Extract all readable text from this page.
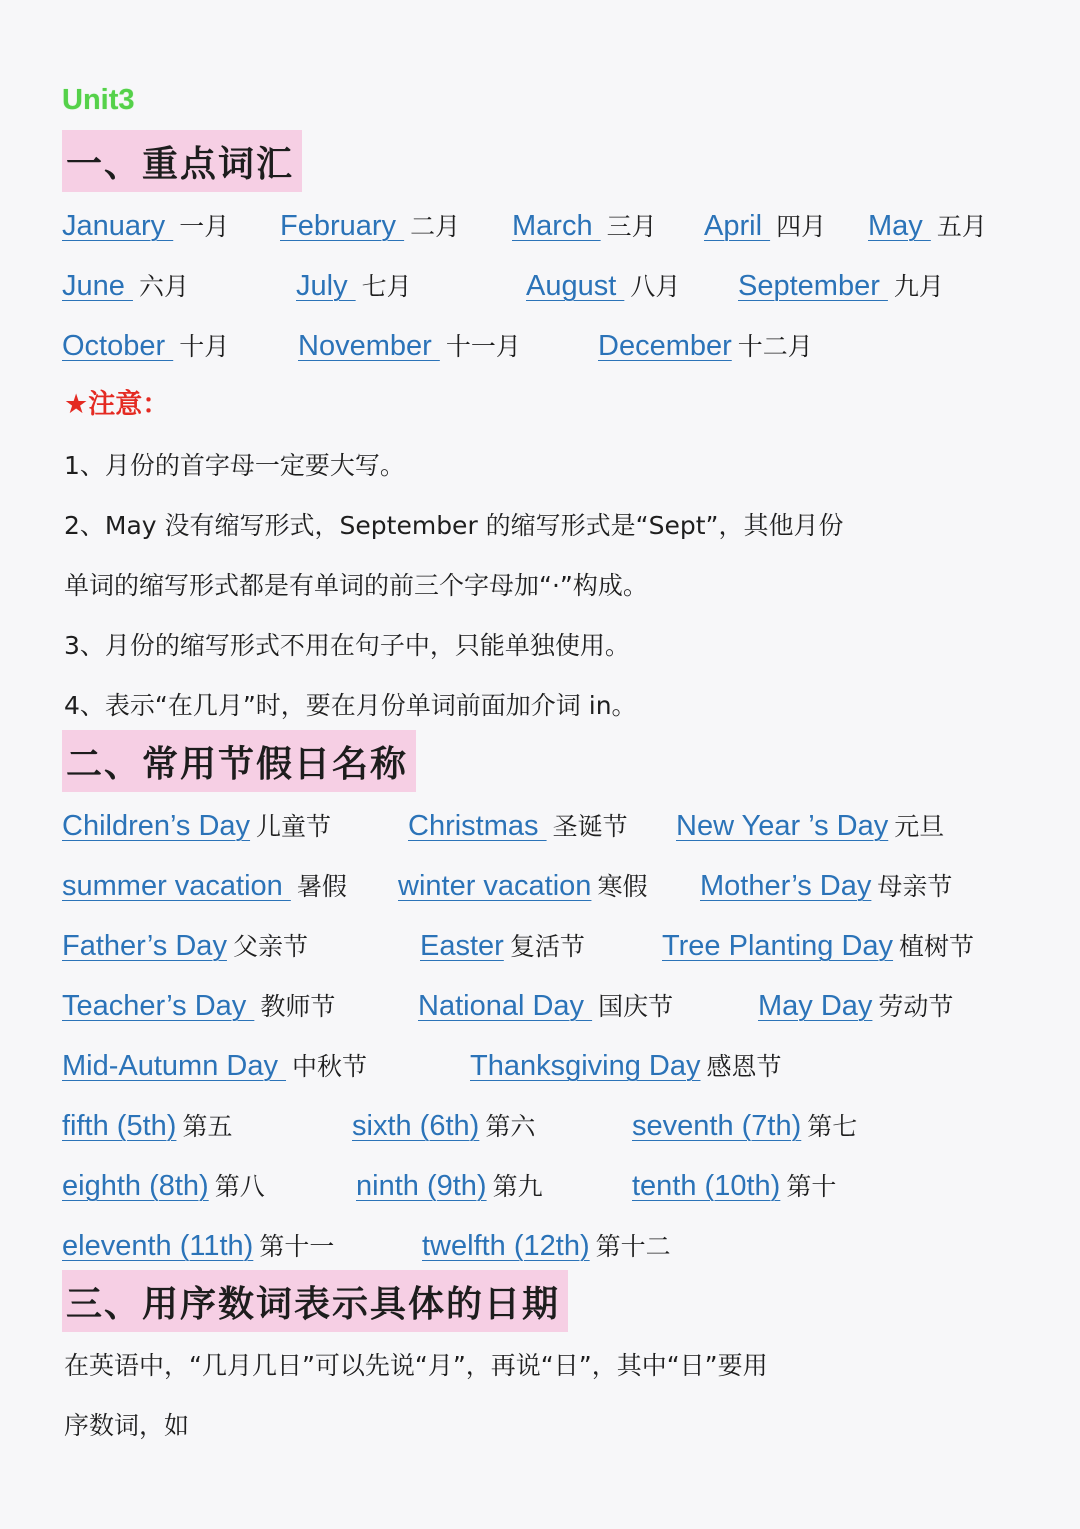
Unit3
一、重点词汇
January 一月 February 二月 March 三月 April 四月 May 五月
June 六月	July 七月	August 八月 September 九月
October 十月 November 十一月	December 十二月
★注意：
1、月份的首字母一定要大写。
2、May 没有缩写形式，September 的缩写形式是“Sept”，其他月份
单词的缩写形式都是有单词的前三个字母加“·”构成。
3、月份的缩写形式不用在句子中，只能单独使用。
4、表示“在几月”时，要在月份单词前面加介词 in。
二、常用节假日名称
Children’s Day 儿童节	Christmas 圣诞节 New Year ’s Day 元旦
summer vacation 暑假 winter vacation 寒假 Mother’s Day 母亲节
Father’s Day 父亲节	Easter 复活节	Tree Planting Day 植树节
Teacher’s Day 教师节	National Day 国庆节	May Day 劳动节
Mid-Autumn Day 中秋节	Thanksgiving Day 感恩节
fifth (5th) 第五	sixth (6th) 第六	seventh (7th) 第七
eighth (8th) 第八	ninth (9th) 第九	tenth (10th) 第十
eleventh (11th) 第十一	twelfth (12th) 第十二
三、用序数词表示具体的日期
在英语中，“几月几日”可以先说“月”，再说“日”，其中“日”要用
序数词，如
